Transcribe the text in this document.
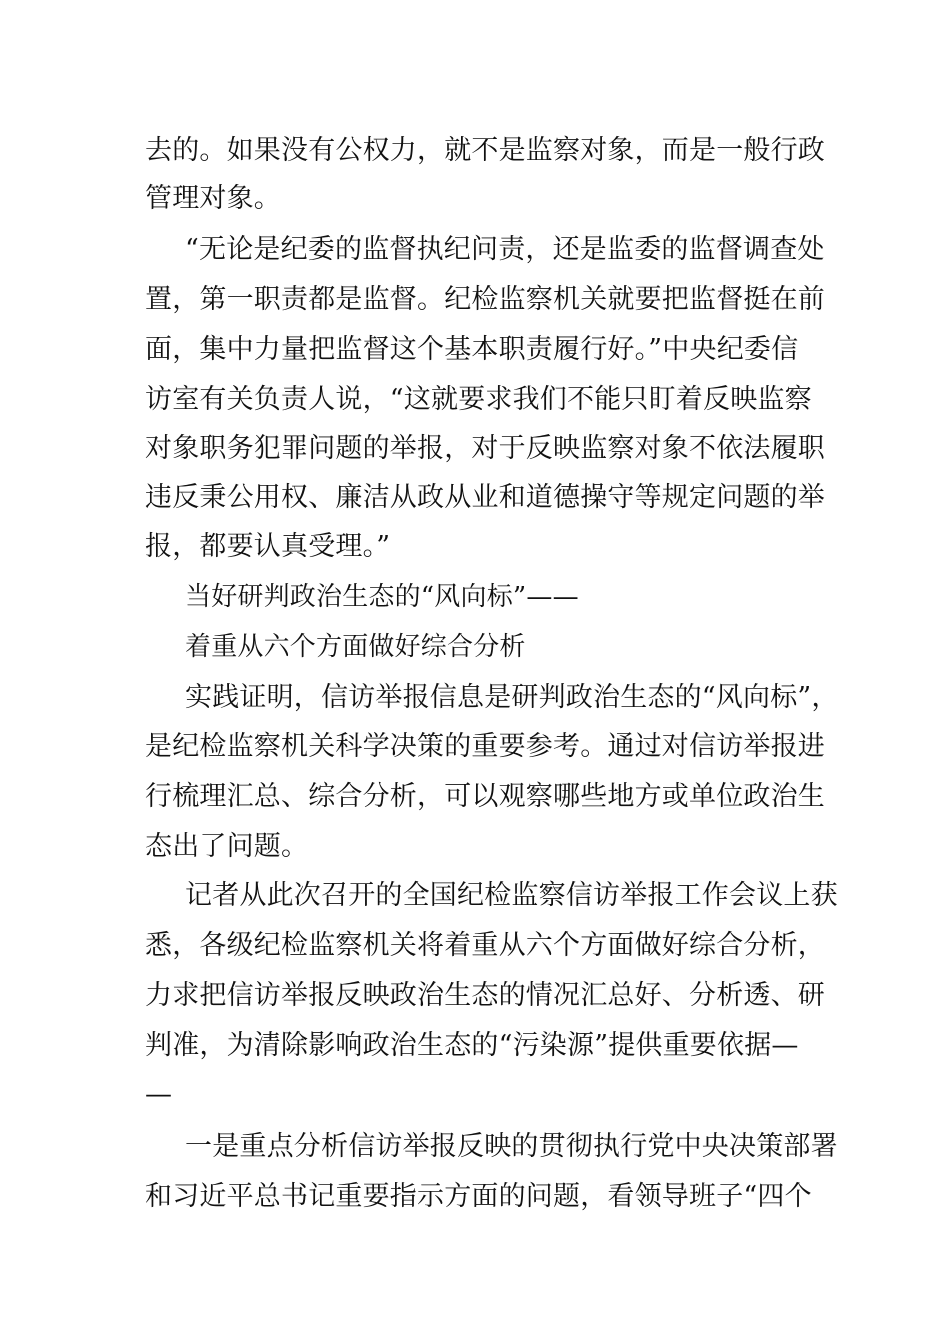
去的。如果没有公权力，就不是监察对象，而是一般行政
管理对象。
“无论是纪委的监督执纪问责，还是监委的监督调查处
置，第一职责都是监督。纪检监察机关就要把监督挺在前
面，集中力量把监督这个基本职责履行好。”中央纪委信
访室有关负责人说，“这就要求我们不能只盯着反映监察
对象职务犯罪问题的举报，对于反映监察对象不依法履职
违反秉公用权、廉洁从政从业和道德操守等规定问题的举
报，都要认真受理。”
当好研判政治生态的“风向标”——
着重从六个方面做好综合分析
实践证明，信访举报信息是研判政治生态的“风向标”，
是纪检监察机关科学决策的重要参考。通过对信访举报进
行梳理汇总、综合分析，可以观察哪些地方或单位政治生
态出了问题。
记者从此次召开的全国纪检监察信访举报工作会议上获
悉，各级纪检监察机关将着重从六个方面做好综合分析，
力求把信访举报反映政治生态的情况汇总好、分析透、研
判准，为清除影响政治生态的“污染源”提供重要依据—
—
一是重点分析信访举报反映的贯彻执行党中央决策部署
和习近平总书记重要指示方面的问题，看领导班子“四个
